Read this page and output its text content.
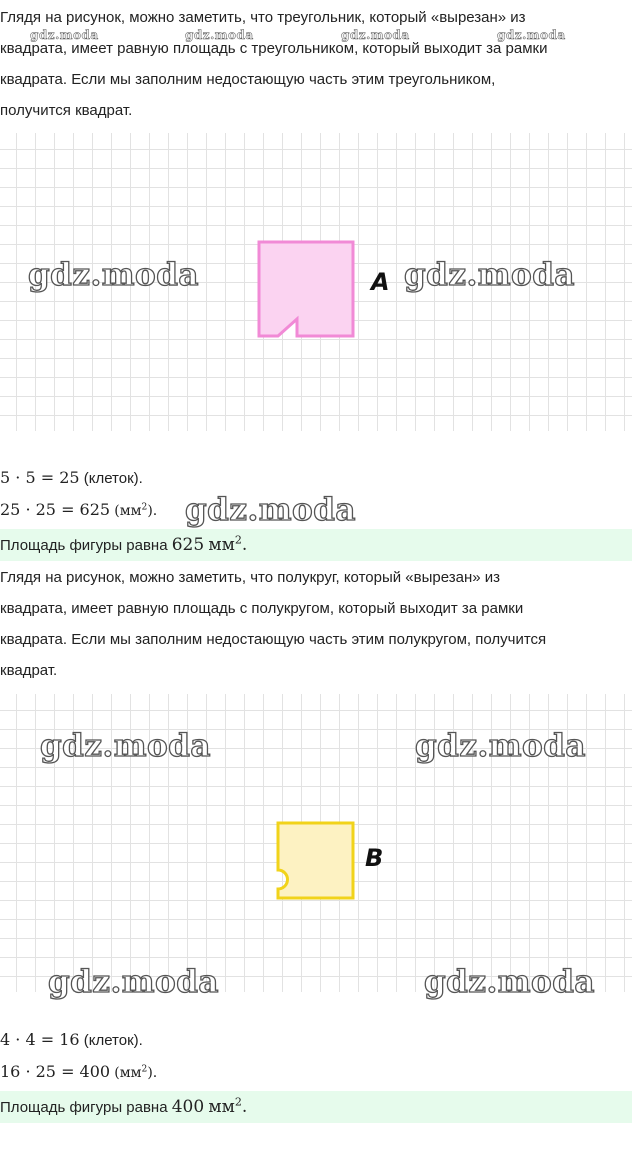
Глядя на рисунок, можно заметить, что треугольник, который «вырезан» из
квадрата, имеет равную площадь с треугольником, который выходит за рамки
квадрата. Если мы заполним недостающую часть этим треугольником,
получится квадрат.
gdz.moda	gdz.moda	gdz.moda	gdz.moda
A
gdz.moda	gdz.moda
5 · 5 = 25 (клеток).
25 · 25 = 625 $(мм^2)$. gdz.moda
Площадь фигуры равна 625 $мм^2$.
Глядя на рисунок, можно заметить, что полукруг, который «вырезан» из
квадрата, имеет равную площадь с полукругом, который выходит за рамки
квадрата. Если мы заполним недостающую часть этим полукругом, получится
квадрат.
B
gdz.moda	gdz.moda
gdz.moda	gdz.moda
4 · 4 = 16 (клеток).
16 · 25 = 400 $(мм^2)$.
Площадь фигуры равна 400 $мм^2$.
